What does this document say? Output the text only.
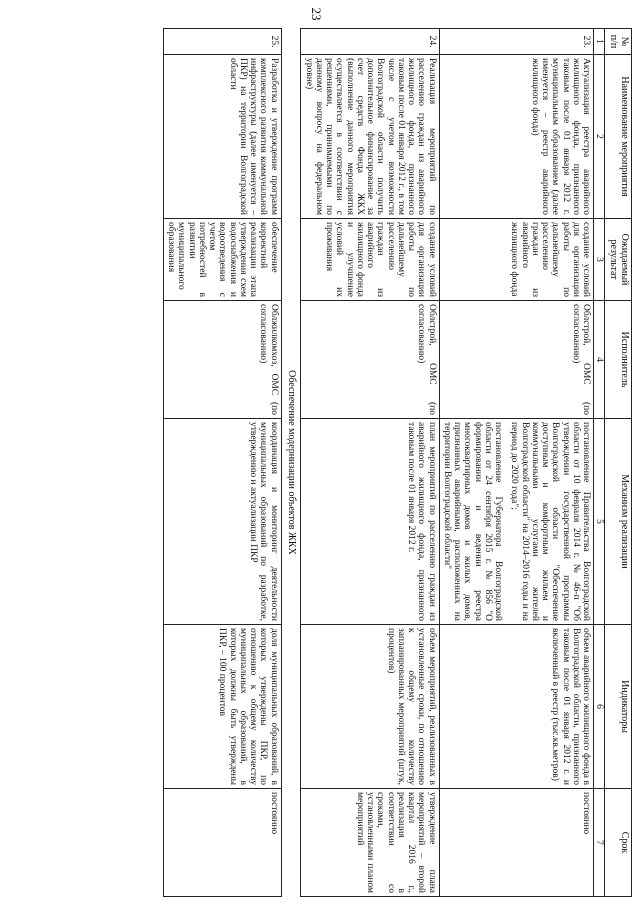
23
№ п/п	Наименование мероприятия	Ожидаемый результат	Исполнитель	Механизм реализации	Индикаторы	Срок
1	2	3	4	5	6	7
23.	Актуализация реестра аварийного жилищного фонда, признанного таковым после 01 января 2012 г. муниципальным образованием (далее именуется – реестр аварийного жилищного фонда)	создание условий для организации работы по дальнейшему расселению граждан из аварийного жилищного фонда	Облстрой, ОМС (по согласованию)	постановление Правительства Волгоградской области от 10 февраля 2014 г. № 46-п "Об утверждении государственной программы Волгоградской области "Обеспечение доступным и комфортным жильем и коммунальными услугами жителей Волгоградской области" на 2014–2016 годы и на период до 2020 года";

постановление Губернатора Волгоградской области от 24 сентября 2015 г. № 856 "О формировании и ведении реестра многоквартирных домов и жилых домов, признанных аварийными, расположенных на территории Волгоградской области"	объем аварийного жилищного фонда в Волгоградской области, признанного таковым после 01 января 2012 г. и включенный в реестр (тыс.кв.метров)	постоянно
24.	Реализация мероприятий по расселению граждан из аварийного жилищного фонда, признанного таковым после 01 января 2012 г., в том числе с учетом возможности Волгоградской области получить дополнительное финансирование за счет средств Фонда ЖКХ (выполнение данного мероприятия осуществляется в соответствии с решениями, принимаемыми по данному вопросу на федеральном уровне)	создание условий для организации работы по дальнейшему расселению граждан из аварийного жилищного фонда и улучшение условий их проживания	Облстрой, ОМС (по согласованию)	план мероприятий по расселению граждан из аварийного жилищного фонда, признанного таковым после 01 января 2012 г.	объем мероприятий, реализованных в установленные сроки, по отношению к общему количеству запланированных мероприятий (штук, процентов)	утверждение плана мероприятий – второй квартал 2016 г., реализация в соответствии со сроками, установленными планом мероприятий
Обеспечение модернизации объектов ЖКХ						
25.	Разработка и утверждение программ комплексного развития коммунальной инфраструктуры (далее именуется – ПКР) на территории Волгоградской области	обеспечение корректной реализации этапа утверждения схем водоснабжения и водоотведения с учетом потребностей в развитии муниципального образования	Облжилкомхоз, ОМС (по согласованию)	координация и мониторинг деятельности муниципальных образований по разработке, утверждению и актуализации ПКР	доля муниципальных образований, в которых утверждены ПКР, по отношению к общему количеству муниципальных образований, в которых должны быть утверждены ПКР, – 100 процентов	постоянно
